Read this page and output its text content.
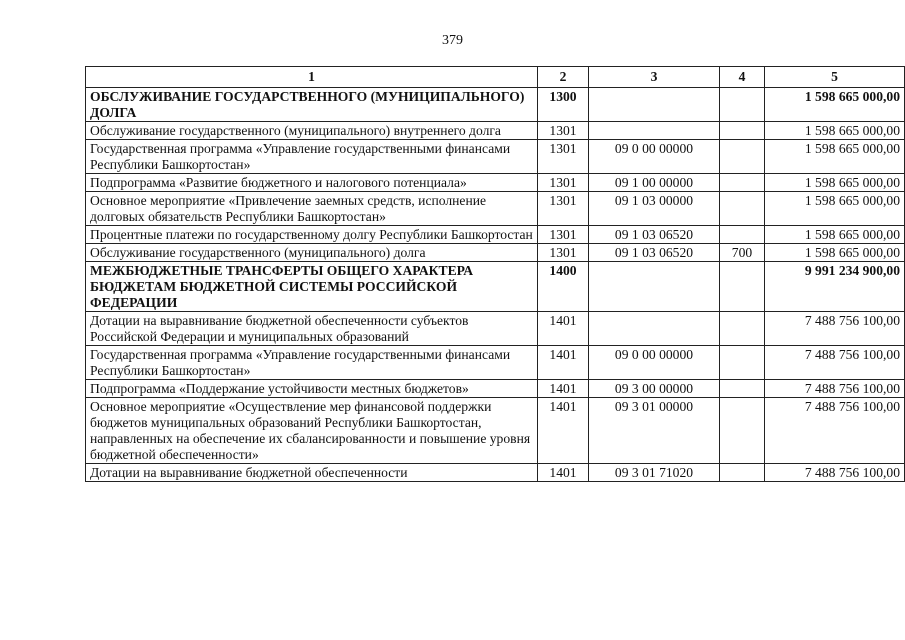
379
1	2	3	4	5
ОБСЛУЖИВАНИЕ ГОСУДАРСТВЕННОГО (МУНИЦИПАЛЬНОГО) ДОЛГА	1300			1 598 665 000,00
Обслуживание государственного (муниципального) внутреннего долга	1301			1 598 665 000,00
Государственная программа «Управление государственными финансами Республики Башкортостан»	1301	09 0 00 00000		1 598 665 000,00
Подпрограмма «Развитие бюджетного и налогового потенциала»	1301	09 1 00 00000		1 598 665 000,00
Основное мероприятие «Привлечение заемных средств, исполнение долговых обязательств Республики Башкортостан»	1301	09 1 03 00000		1 598 665 000,00
Процентные платежи по государственному долгу Республики Башкортостан	1301	09 1 03 06520		1 598 665 000,00
Обслуживание государственного (муниципального) долга	1301	09 1 03 06520	700	1 598 665 000,00
МЕЖБЮДЖЕТНЫЕ ТРАНСФЕРТЫ ОБЩЕГО ХАРАКТЕРА БЮДЖЕТАМ БЮДЖЕТНОЙ СИСТЕМЫ РОССИЙСКОЙ ФЕДЕРАЦИИ	1400			9 991 234 900,00
Дотации на выравнивание бюджетной обеспеченности субъектов Российской Федерации и муниципальных образований	1401			7 488 756 100,00
Государственная программа «Управление государственными финансами Республики Башкортостан»	1401	09 0 00 00000		7 488 756 100,00
Подпрограмма «Поддержание устойчивости местных бюджетов»	1401	09 3 00 00000		7 488 756 100,00
Основное мероприятие «Осуществление мер финансовой поддержки бюджетов муниципальных образований Республики Башкортостан, направленных на обеспечение их сбалансированности и повышение уровня бюджетной обеспеченности»	1401	09 3 01 00000		7 488 756 100,00
Дотации на выравнивание бюджетной обеспеченности	1401	09 3 01 71020		7 488 756 100,00
